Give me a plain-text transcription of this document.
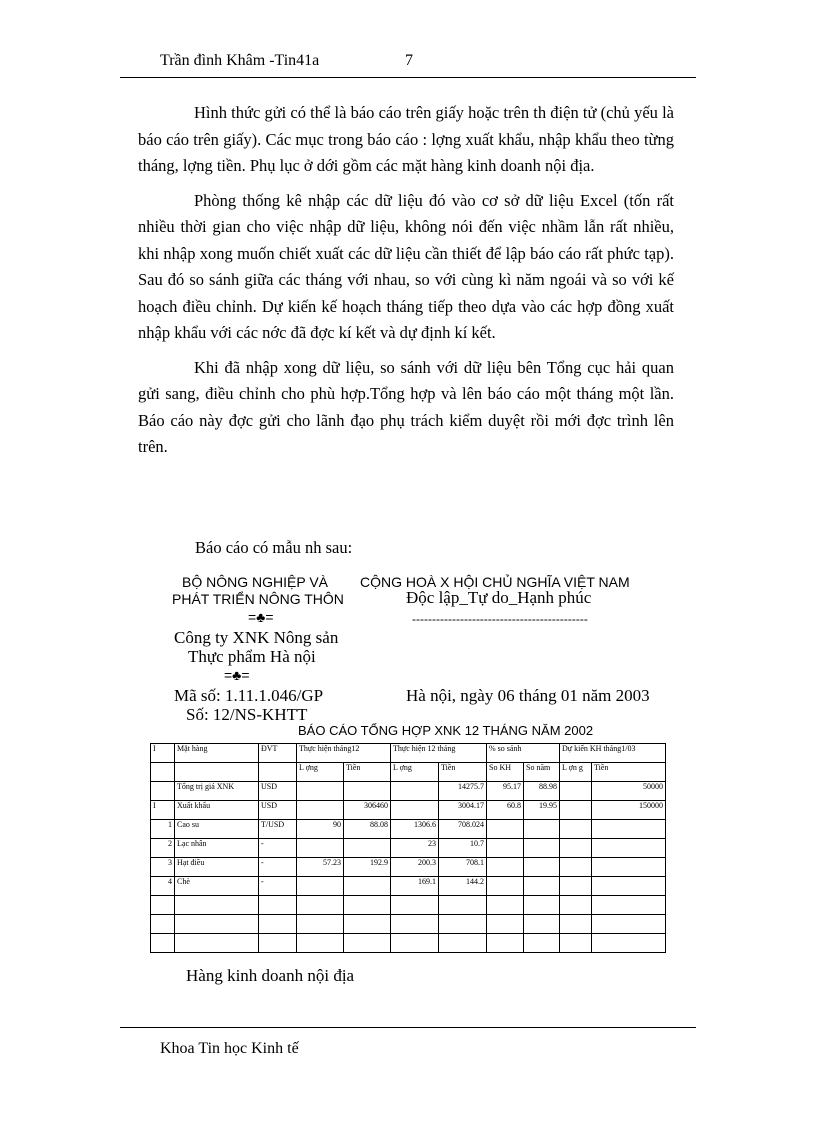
Trần đình Khâm -Tin41a	7

Hình thức gửi có thể là báo cáo trên giấy hoặc trên th điện tử (chủ yếu là báo cáo trên giấy). Các mục trong báo cáo : lợng xuất khẩu, nhập khẩu theo từng tháng, lợng tiền. Phụ lục ở dới gồm các mặt hàng kinh doanh nội địa.

Phòng thống kê nhập các dữ liệu đó vào cơ sở dữ liệu Excel (tốn rất nhiều thời gian cho việc nhập dữ liệu, không nói đến việc nhầm lẫn rất nhiều, khi nhập xong muốn chiết xuất các dữ liệu cần thiết để lập báo cáo rất phức tạp). Sau đó so sánh giữa các tháng với nhau, so với cùng kì năm ngoái và so với kế hoạch điều chỉnh. Dự kiến kế hoạch tháng tiếp theo dựa vào các hợp đồng xuất nhập khẩu với các nớc đã đợc kí kết và dự định kí kết.

Khi đã nhập xong dữ liệu, so sánh với dữ liệu bên Tổng cục hải quan gửi sang, điều chỉnh cho phù hợp.Tổng hợp và lên báo cáo một tháng một lần. Báo cáo này đợc gửi cho lãnh đạo phụ trách kiểm duyệt rồi mới đợc trình lên trên.

Báo cáo có mẫu nh sau:
BỘ NÔNG NGHIỆP VÀ
PHÁT TRIỂN NÔNG THÔN
=♣=
CỘNG HOÀ X HỘI CHỦ NGHĨA VIỆT NAM
Độc lập_Tự do_Hạnh phúc
--------------------------------------------
Công ty XNK Nông sản
Thực phẩm Hà nội
=♣=
Mã số: 1.11.1.046/GP
Số: 12/NS-KHTT
Hà nội, ngày 06 tháng 01 năm 2003
BÁO CÁO TỔNG HỢP XNK 12 THÁNG NĂM 2002
I	Mặt hàng	ĐVT	Thực hiện tháng12		Thực hiện 12 tháng		% so sánh		Dự kiến KH tháng1/03	
			L ợng	Tiền	L ợng	Tiền	So KH	So năm	L ợn g	Tiền
	Tổng trị giá XNK	USD				14275.7	95.17	88.98		50000
I	Xuất khẩu	USD		306460		3004.17	60.8	19.95		150000
1	Cao su	T/USD	90	88.08	1306.6	708.024				
2	Lạc nhân	-			23	10.7				
3	Hạt điều	-	57.23	192.9	200.3	708.1				
4	Chè	-			169.1	144.2				

Hàng kinh doanh nội địa
Khoa Tin học Kinh tế
